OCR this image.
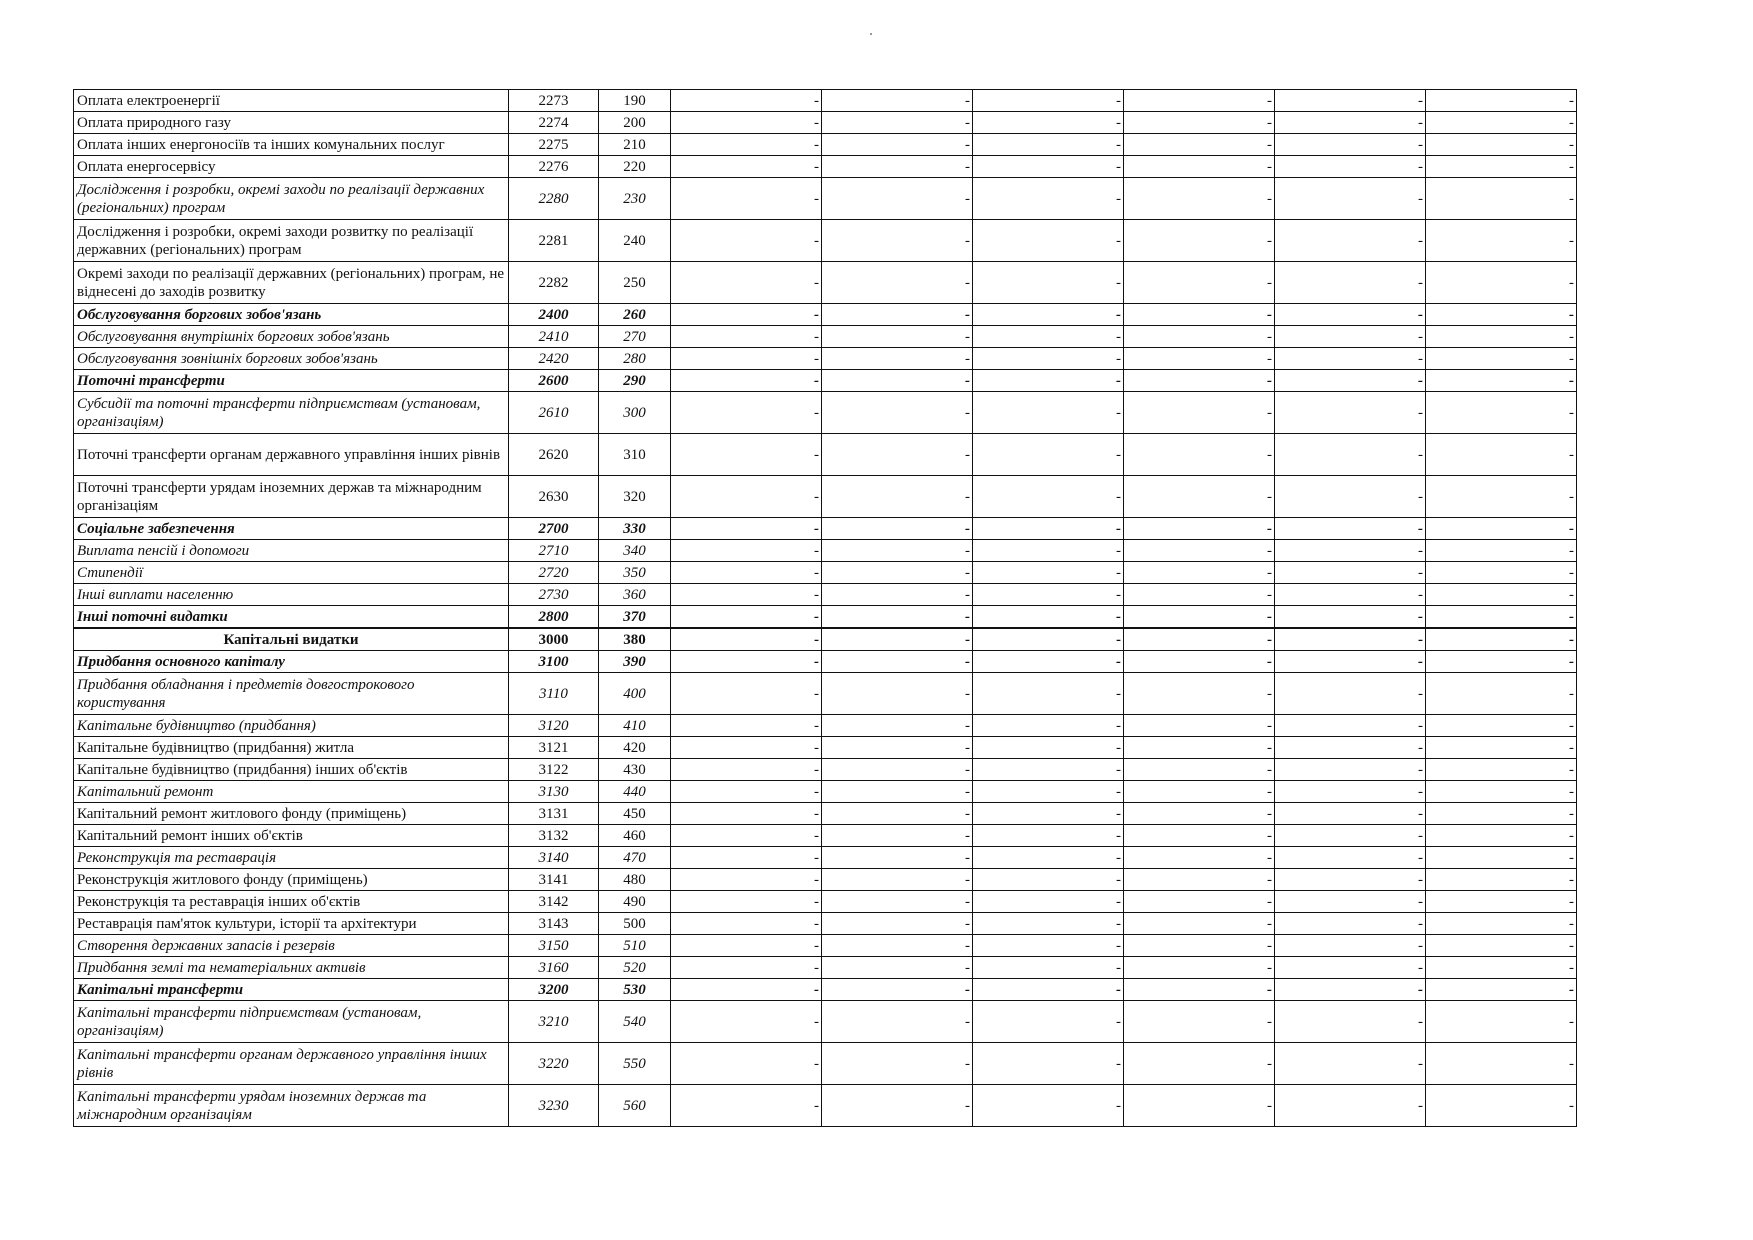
Оплата електроенергії	2273	190	-	-	-	-	-	-
Оплата природного газу	2274	200	-	-	-	-	-	-
Оплата інших енергоносіїв та інших комунальних послуг	2275	210	-	-	-	-	-	-
Оплата енергосервісу	2276	220	-	-	-	-	-	-
Дослідження і розробки, окремі заходи по реалізації державних (регіональних) програм	2280	230	-	-	-	-	-	-
Дослідження і розробки, окремі заходи розвитку по реалізації державних (регіональних) програм	2281	240	-	-	-	-	-	-
Окремі заходи по реалізації державних (регіональних) програм, не віднесені до заходів розвитку	2282	250	-	-	-	-	-	-
Обслуговування боргових зобов'язань	2400	260	-	-	-	-	-	-
Обслуговування внутрішніх боргових зобов'язань	2410	270	-	-	-	-	-	-
Обслуговування зовнішніх боргових зобов'язань	2420	280	-	-	-	-	-	-
Поточні трансферти	2600	290	-	-	-	-	-	-
Субсидії та поточні трансферти підприємствам (установам, організаціям)	2610	300	-	-	-	-	-	-
Поточні трансферти органам державного управління інших рівнів	2620	310	-	-	-	-	-	-
Поточні трансферти урядам іноземних держав та міжнародним організаціям	2630	320	-	-	-	-	-	-
Соціальне забезпечення	2700	330	-	-	-	-	-	-
Виплата пенсій і допомоги	2710	340	-	-	-	-	-	-
Стипендії	2720	350	-	-	-	-	-	-
Інші виплати населенню	2730	360	-	-	-	-	-	-
Інші поточні видатки	2800	370	-	-	-	-	-	-
Капітальні видатки	3000	380	-	-	-	-	-	-
Придбання основного капіталу	3100	390	-	-	-	-	-	-
Придбання обладнання і предметів довгострокового користування	3110	400	-	-	-	-	-	-
Капітальне будівництво (придбання)	3120	410	-	-	-	-	-	-
Капітальне будівництво (придбання) житла	3121	420	-	-	-	-	-	-
Капітальне будівництво (придбання) інших об'єктів	3122	430	-	-	-	-	-	-
Капітальний ремонт	3130	440	-	-	-	-	-	-
Капітальний ремонт житлового фонду (приміщень)	3131	450	-	-	-	-	-	-
Капітальний ремонт інших об'єктів	3132	460	-	-	-	-	-	-
Реконструкція та реставрація	3140	470	-	-	-	-	-	-
Реконструкція житлового фонду (приміщень)	3141	480	-	-	-	-	-	-
Реконструкція та реставрація інших об'єктів	3142	490	-	-	-	-	-	-
Реставрація пам'яток культури, історії та архітектури	3143	500	-	-	-	-	-	-
Створення державних запасів і резервів	3150	510	-	-	-	-	-	-
Придбання землі та нематеріальних активів	3160	520	-	-	-	-	-	-
Капітальні трансферти	3200	530	-	-	-	-	-	-
Капітальні трансферти підприємствам (установам, організаціям)	3210	540	-	-	-	-	-	-
Капітальні трансферти органам державного управління інших рівнів	3220	550	-	-	-	-	-	-
Капітальні трансферти урядам іноземних держав та міжнародним організаціям	3230	560	-	-	-	-	-	-
